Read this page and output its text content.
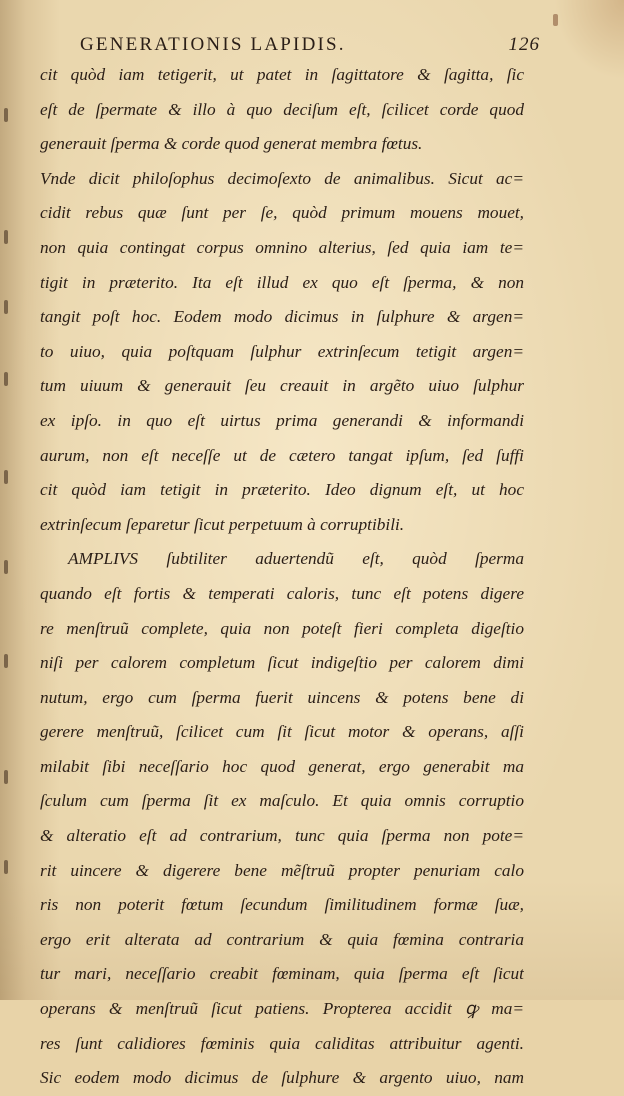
GENERATIONIS LAPIDIS.	126
cit quòd iam tetigerit, ut patet in ſagittatore & ſagitta, ſic
eſt de ſpermate & illo à quo deciſum eſt, ſcilicet corde quod
generauit ſperma & corde quod generat membra fœtus.
Vnde dicit philoſophus decimoſexto de animalibus. Sicut ac=
cidit rebus quæ ſunt per ſe, quòd primum mouens mouet,
non quia contingat corpus omnino alterius, ſed quia iam te=
tigit in præterito. Ita eſt illud ex quo eſt ſperma, & non
tangit poſt hoc. Eodem modo dicimus in ſulphure & argen=
to uiuo, quia poſtquam ſulphur extrinſecum tetigit argen=
tum uiuum & generauit ſeu creauit in argẽto uiuo ſulphur
ex ipſo. in quo eſt uirtus prima generandi & informandi
aurum, non eſt neceſſe ut de cætero tangat ipſum, ſed ſuffi
cit quòd iam tetigit in præterito. Ideo dignum eſt, ut hoc
extrinſecum ſeparetur ſicut perpetuum à corruptibili.
AMPLIVS ſubtiliter aduertendũ eſt, quòd ſperma
quando eſt fortis & temperati caloris, tunc eſt potens digere
re menſtruũ complete, quia non poteſt fieri completa digeſtio
niſi per calorem completum ſicut indigeſtio per calorem dimi
nutum, ergo cum ſperma fuerit uincens & potens bene di
gerere menſtruũ, ſcilicet cum ſit ſicut motor & operans, aſſi
milabit ſibi neceſſario hoc quod generat, ergo generabit ma
ſculum cum ſperma ſit ex maſculo. Et quia omnis corruptio
& alteratio eſt ad contrarium, tunc quia ſperma non pote=
rit uincere & digerere bene mẽſtruũ propter penuriam calo
ris non poterit fœtum ſecundum ſimilitudinem formæ ſuæ,
ergo erit alterata ad contrarium & quia fœmina contraria
tur mari, neceſſario creabit fœminam, quia ſperma eſt ſicut
operans & menſtruũ ſicut patiens. Propterea accidit ꝙ ma=
res ſunt calidiores fœminis quia caliditas attribuitur agenti.
Sic eodem modo dicimus de ſulphure & argento uiuo, nam
